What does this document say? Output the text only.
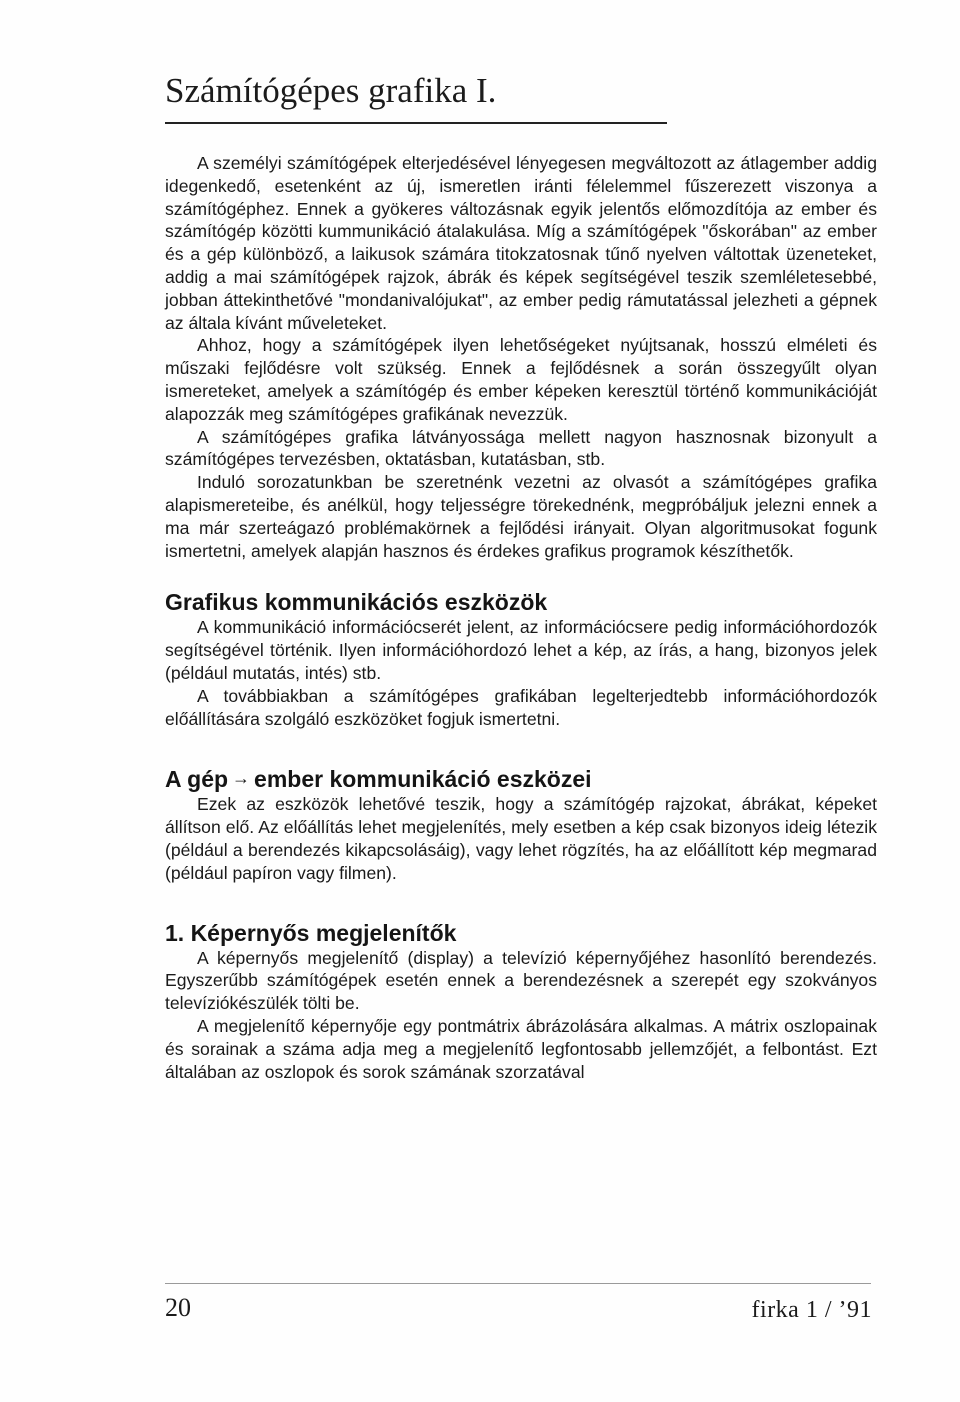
Számítógépes grafika I.

A személyi számítógépek elterjedésével lényegesen megváltozott az átlagember addig idegenkedő, esetenként az új, ismeretlen iránti félelemmel fűszerezett viszonya a számítógéphez. Ennek a gyökeres változásnak egyik jelentős előmozdítója az ember és számítógép közötti kummunikáció átalakulása. Míg a számítógépek "őskorában" az ember és a gép különböző, a laikusok számára titokzatosnak tűnő nyelven váltottak üzeneteket, addig a mai számítógépek rajzok, ábrák és képek segítségével teszik szemléletesebbé, jobban áttekinthetővé "mondanivalójukat", az ember pedig rámutatással jelezheti a gépnek az általa kívánt műveleteket.

Ahhoz, hogy a számítógépek ilyen lehetőségeket nyújtsanak, hosszú elméleti és műszaki fejlődésre volt szükség. Ennek a fejlődésnek a során összegyűlt olyan ismereteket, amelyek a számítógép és ember képeken keresztül történő kommunikációját alapozzák meg számítógépes grafikának nevezzük.

A számítógépes grafika látványossága mellett nagyon hasznosnak bizonyult a számítógépes tervezésben, oktatásban, kutatásban, stb.

Induló sorozatunkban be szeretnénk vezetni az olvasót a számítógépes grafika alapismereteibe, és anélkül, hogy teljességre törekednénk, megpróbáljuk jelezni ennek a ma már szerteágazó problémakörnek a fejlődési irányait. Olyan algoritmusokat fogunk ismertetni, amelyek alapján hasznos és érdekes grafikus programok készíthetők.

Grafikus kommunikációs eszközök

A kommunikáció információcserét jelent, az információcsere pedig információhordozók segítségével történik. Ilyen információhordozó lehet a kép, az írás, a hang, bizonyos jelek (például mutatás, intés) stb.

A továbbiakban a számítógépes grafikában legelterjedtebb információhordozók előállítására szolgáló eszközöket fogjuk ismertetni.

A gép → ember kommunikáció eszközei

Ezek az eszközök lehetővé teszik, hogy a számítógép rajzokat, ábrákat, képeket állítson elő. Az előállítás lehet megjelenítés, mely esetben a kép csak bizonyos ideig létezik (például a berendezés kikapcsolásáig), vagy lehet rögzítés, ha az előállított kép megmarad (például papíron vagy filmen).

1. Képernyős megjelenítők

A képernyős megjelenítő (display) a televízió képernyőjéhez hasonlító berendezés. Egyszerűbb számítógépek esetén ennek a berendezésnek a szerepét egy szokványos televíziókészülék tölti be.

A megjelenítő képernyője egy pontmátrix ábrázolására alkalmas. A mátrix oszlopainak és sorainak a száma adja meg a megjelenítő legfontosabb jellemzőjét, a felbontást. Ezt általában az oszlopok és sorok számának szorzatával

20	firka 1 / ’91
